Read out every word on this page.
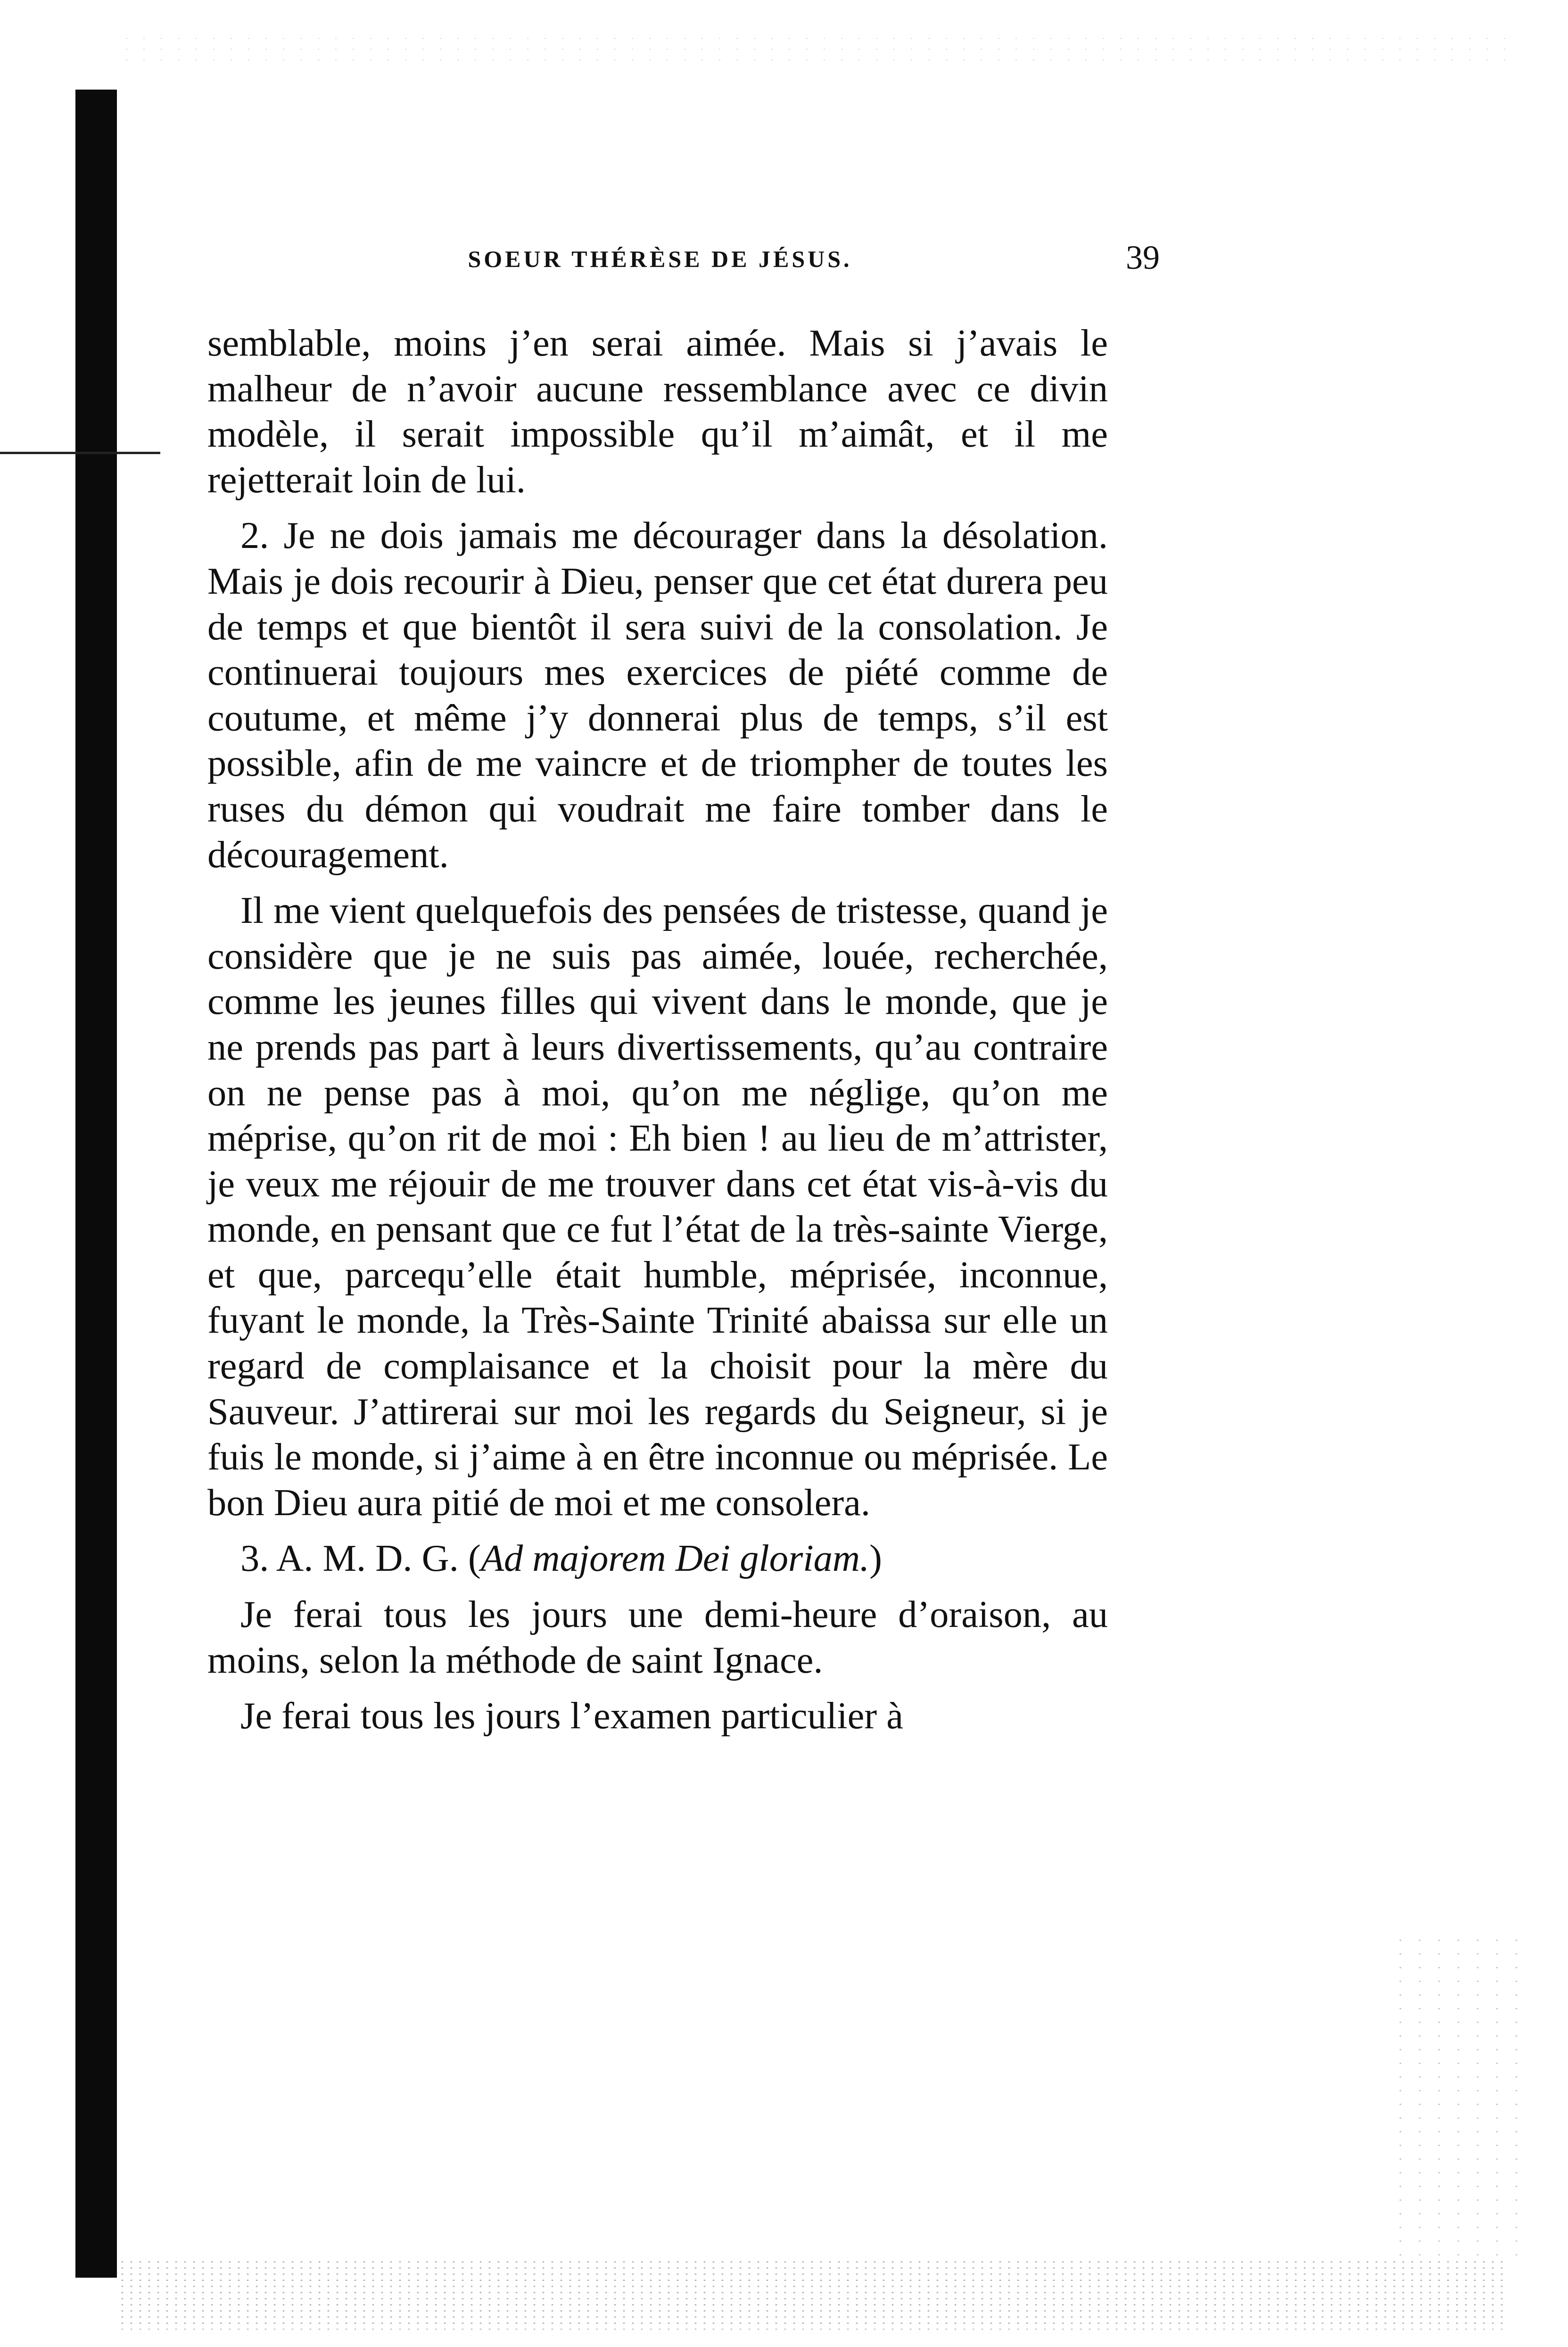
SOEUR THÉRÈSE DE JÉSUS.	39

semblable, moins j’en serai aimée. Mais si j’avais le malheur de n’avoir aucune ressemblance avec ce divin modèle, il serait impossible qu’il m’aimât, et il me rejetterait loin de lui.

2. Je ne dois jamais me décourager dans la désolation. Mais je dois recourir à Dieu, penser que cet état durera peu de temps et que bientôt il sera suivi de la consolation. Je continuerai toujours mes exercices de piété comme de coutume, et même j’y donnerai plus de temps, s’il est possible, afin de me vaincre et de triompher de toutes les ruses du démon qui voudrait me faire tomber dans le découragement.

Il me vient quelquefois des pensées de tristesse, quand je considère que je ne suis pas aimée, louée, recherchée, comme les jeunes filles qui vivent dans le monde, que je ne prends pas part à leurs divertissements, qu’au contraire on ne pense pas à moi, qu’on me néglige, qu’on me méprise, qu’on rit de moi : Eh bien ! au lieu de m’attrister, je veux me réjouir de me trouver dans cet état vis-à-vis du monde, en pensant que ce fut l’état de la très-sainte Vierge, et que, parcequ’elle était humble, méprisée, inconnue, fuyant le monde, la Très-Sainte Trinité abaissa sur elle un regard de complaisance et la choisit pour la mère du Sauveur. J’attirerai sur moi les regards du Seigneur, si je fuis le monde, si j’aime à en être inconnue ou méprisée. Le bon Dieu aura pitié de moi et me consolera.

3. A. M. D. G. (Ad majorem Dei gloriam.)

Je ferai tous les jours une demi-heure d’oraison, au moins, selon la méthode de saint Ignace.

Je ferai tous les jours l’examen particulier à
